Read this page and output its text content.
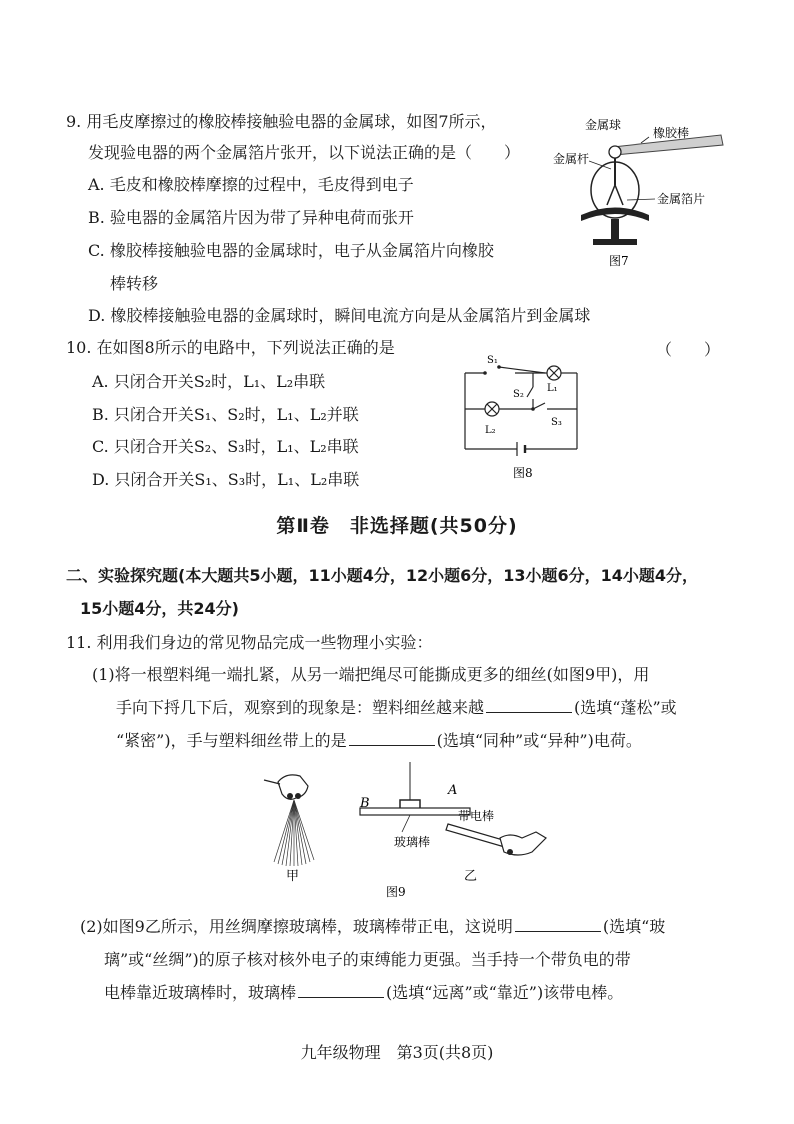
9. 用毛皮摩擦过的橡胶棒接触验电器的金属球，如图7所示，
发现验电器的两个金属箔片张开，以下说法正确的是（　　）
A. 毛皮和橡胶棒摩擦的过程中，毛皮得到电子
B. 验电器的金属箔片因为带了异种电荷而张开
C. 橡胶棒接触验电器的金属球时，电子从金属箔片向橡胶
棒转移
D. 橡胶棒接触验电器的金属球时，瞬间电流方向是从金属箔片到金属球
金属球
橡胶棒
金属杆
金属箔片
图7
10. 在如图8所示的电路中，下列说法正确的是	（　　）
A. 只闭合开关S₂时，L₁、L₂串联
B. 只闭合开关S₁、S₂时，L₁、L₂并联
C. 只闭合开关S₂、S₃时，L₁、L₂串联
D. 只闭合开关S₁、S₃时，L₁、L₂串联
S₁
S₂
L₁
L₂
S₃
图8
第Ⅱ卷　非选择题(共50分)
二、实验探究题(本大题共5小题，11小题4分，12小题6分，13小题6分，14小题4分，
15小题4分，共24分)
11. 利用我们身边的常见物品完成一些物理小实验：
(1)将一根塑料绳一端扎紧，从另一端把绳尽可能撕成更多的细丝(如图9甲)，用
手向下捋几下后，观察到的现象是：塑料细丝越来越	(选填“蓬松”或
“紧密”)，手与塑料细丝带上的是	(选填“同种”或“异种”)电荷。
甲
B
A
玻璃棒
带电棒
乙
图9
(2)如图9乙所示，用丝绸摩擦玻璃棒，玻璃棒带正电，这说明	(选填“玻
璃”或“丝绸”)的原子核对核外电子的束缚能力更强。当手持一个带负电的带
电棒靠近玻璃棒时，玻璃棒	(选填“远离”或“靠近”)该带电棒。
九年级物理　第3页(共8页)
